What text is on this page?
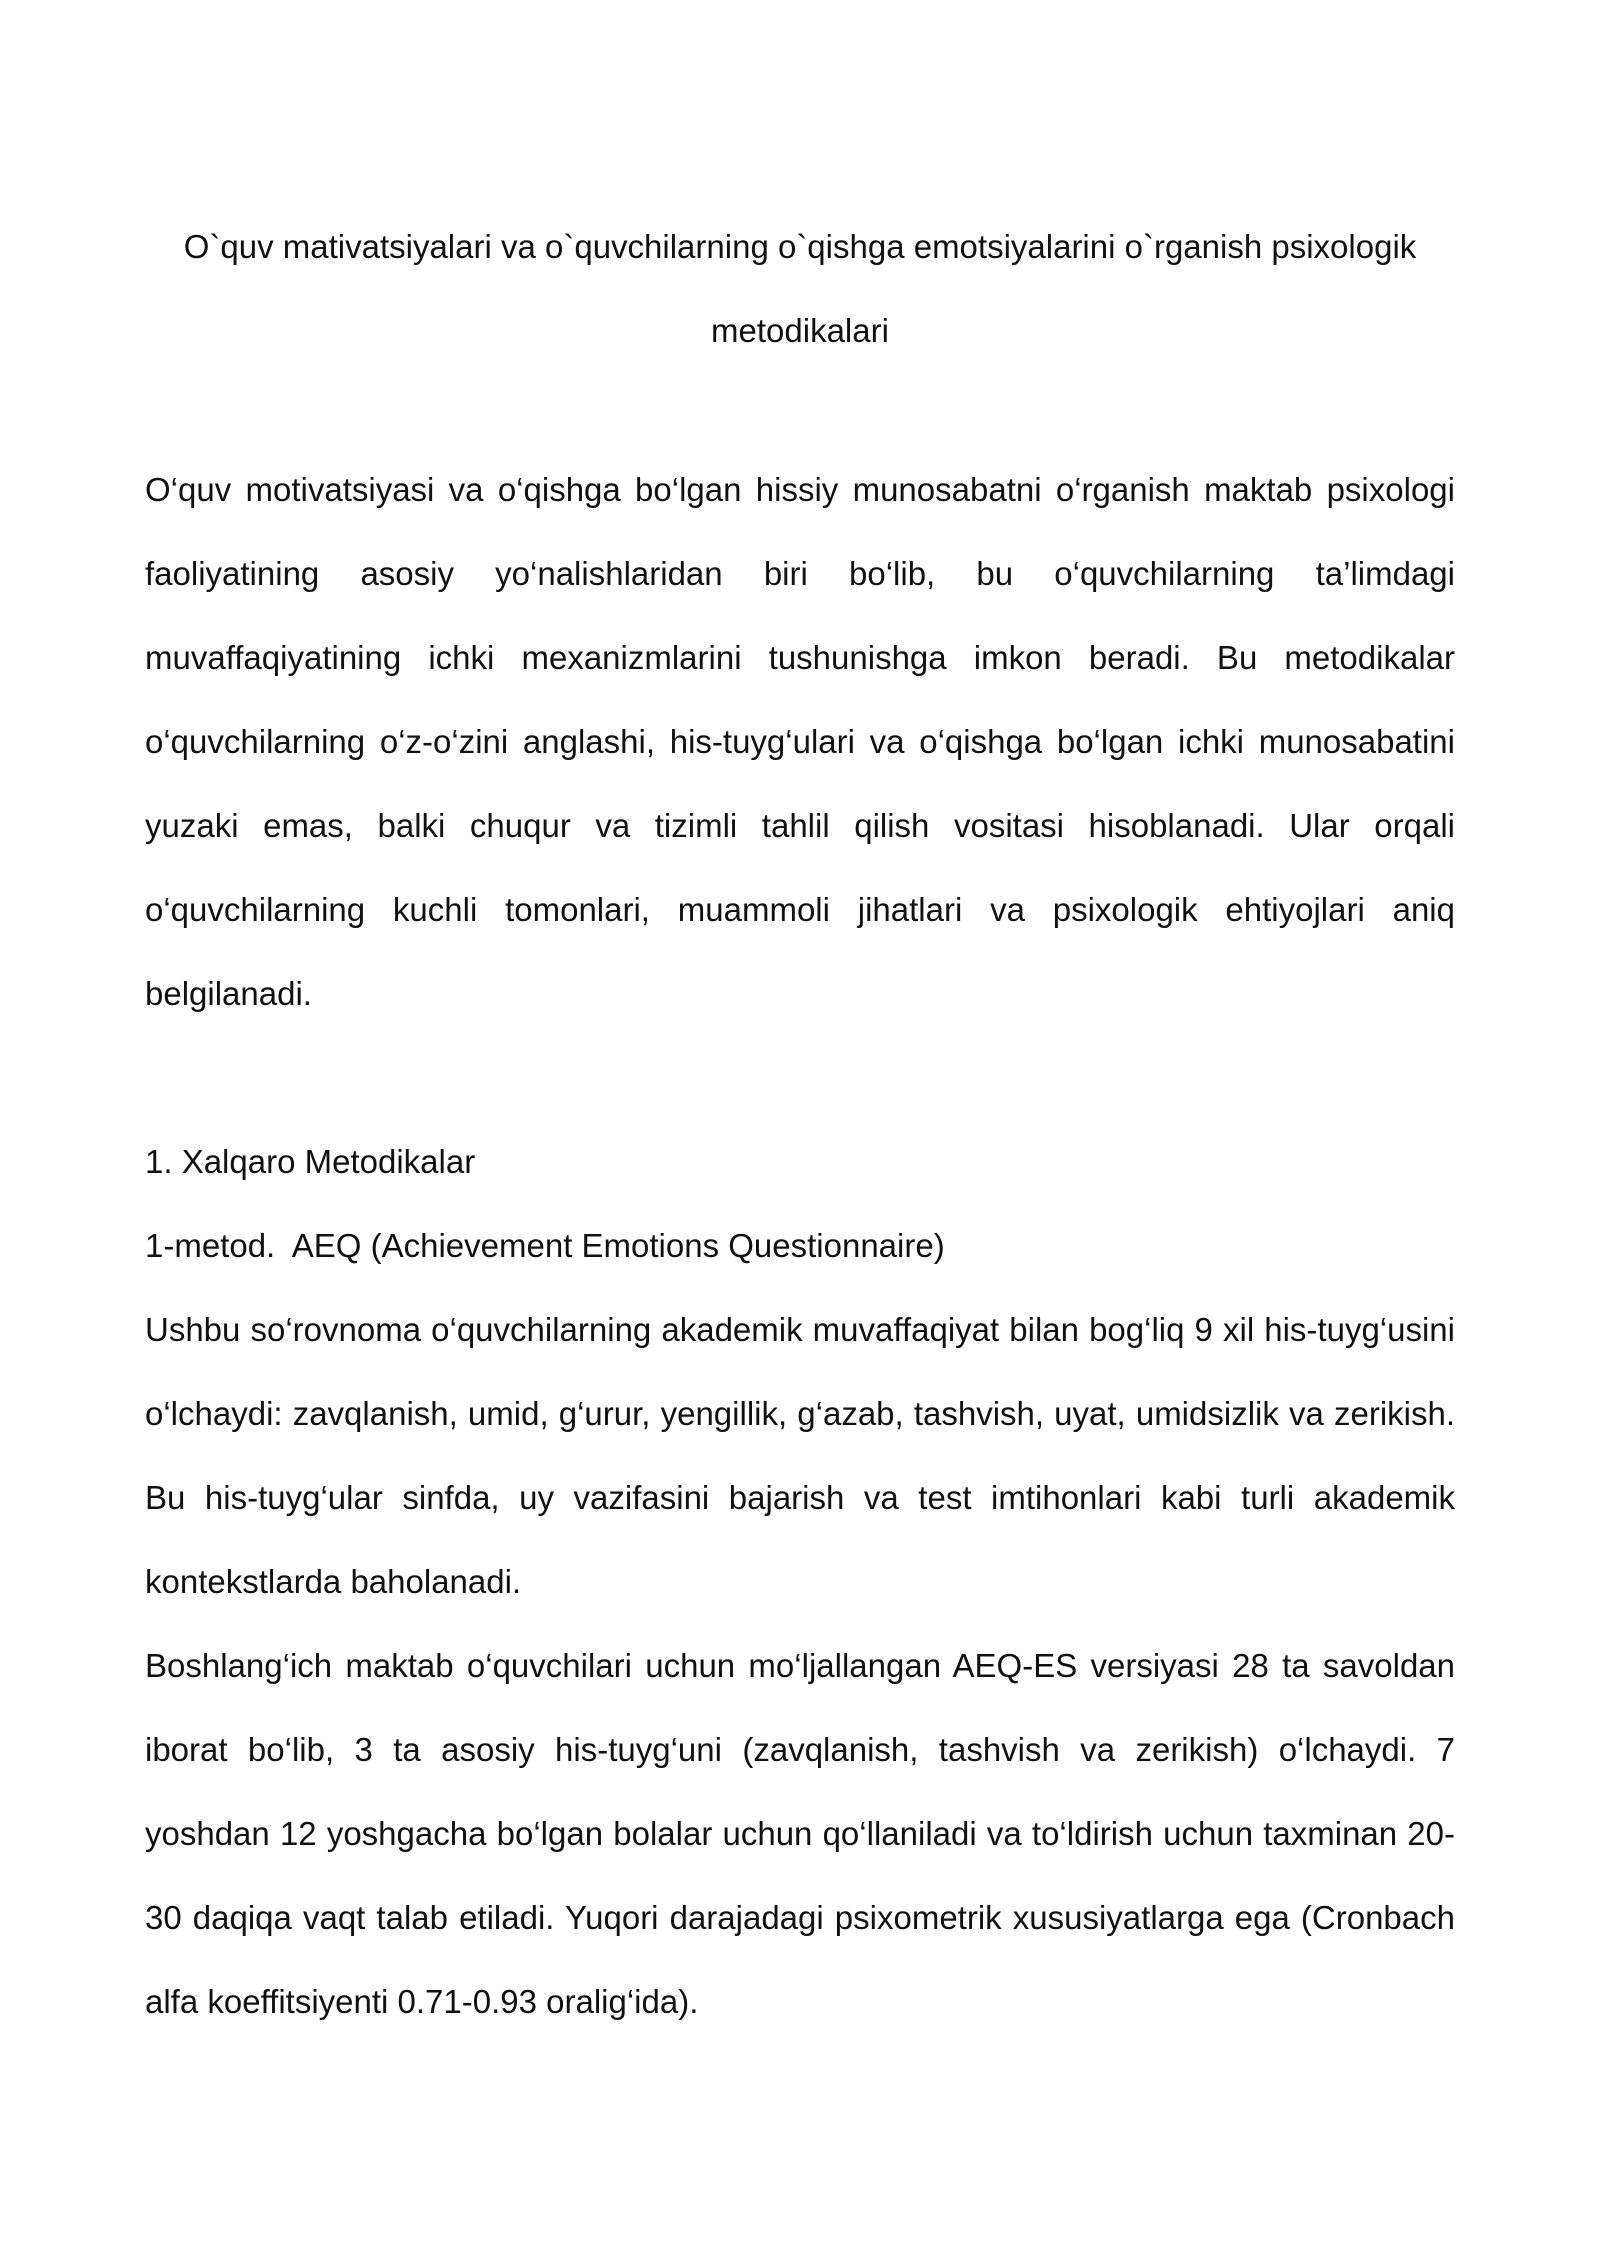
O`quv mativatsiyalari va o`quvchilarning o`qishga emotsiyalarini o`rganish psixologik metodikalari

O‘quv motivatsiyasi va o‘qishga bo‘lgan hissiy munosabatni o‘rganish maktab psixologi faoliyatining asosiy yo‘nalishlaridan biri bo‘lib, bu o‘quvchilarning ta’limdagi muvaffaqiyatining ichki mexanizmlarini tushunishga imkon beradi. Bu metodikalar o‘quvchilarning o‘z-o‘zini anglashi, his-tuyg‘ulari va o‘qishga bo‘lgan ichki munosabatini yuzaki emas, balki chuqur va tizimli tahlil qilish vositasi hisoblanadi. Ular orqali o‘quvchilarning kuchli tomonlari, muammoli jihatlari va psixologik ehtiyojlari aniq belgilanadi.

1. Xalqaro Metodikalar

1-metod.  AEQ (Achievement Emotions Questionnaire)

Ushbu so‘rovnoma o‘quvchilarning akademik muvaffaqiyat bilan bog‘liq 9 xil his-tuyg‘usini o‘lchaydi: zavqlanish, umid, g‘urur, yengillik, g‘azab, tashvish, uyat, umidsizlik va zerikish. Bu his-tuyg‘ular sinfda, uy vazifasini bajarish va test imtihonlari kabi turli akademik kontekstlarda baholanadi.

Boshlang‘ich maktab o‘quvchilari uchun mo‘ljallangan AEQ-ES versiyasi 28 ta savoldan iborat bo‘lib, 3 ta asosiy his-tuyg‘uni (zavqlanish, tashvish va zerikish) o‘lchaydi. 7 yoshdan 12 yoshgacha bo‘lgan bolalar uchun qo‘llaniladi va to‘ldirish uchun taxminan 20-30 daqiqa vaqt talab etiladi. Yuqori darajadagi psixometrik xususiyatlarga ega (Cronbach alfa koeffitsiyenti 0.71-0.93 oralig‘ida).
